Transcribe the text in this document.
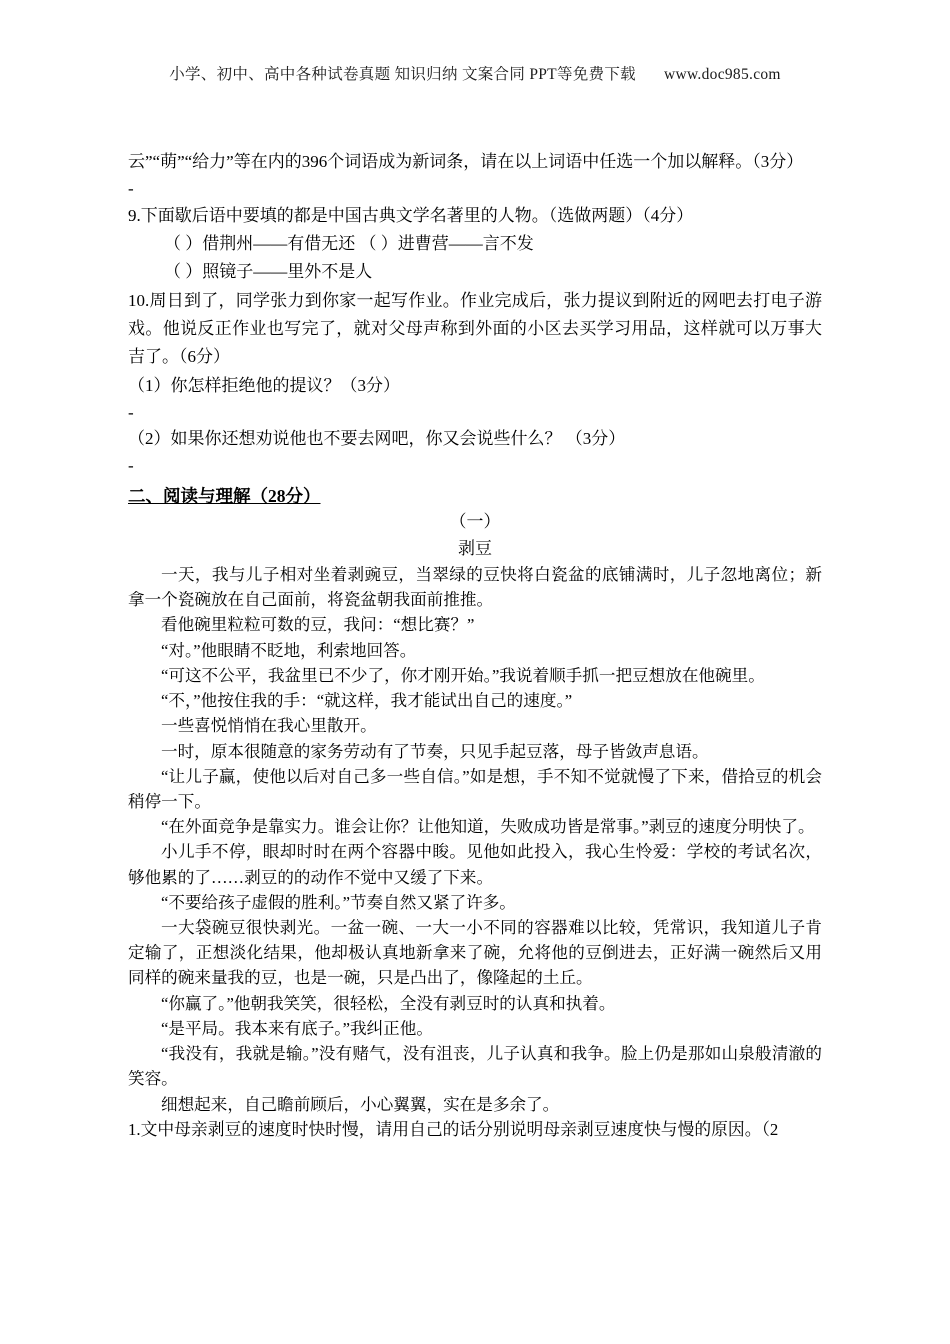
小学、初中、高中各种试卷真题 知识归纳 文案合同 PPT等免费下载 www.doc985.com

云”“萌”“给力”等在内的396个词语成为新词条，请在以上词语中任选一个加以解释。（3分）

-

9.下面歇后语中要填的都是中国古典文学名著里的人物。（选做两题）（4分）

（ ）借荆州——有借无还 （ ）进曹营——言不发
（ ）照镜子——里外不是人

10.周日到了，同学张力到你家一起写作业。作业完成后，张力提议到附近的网吧去打电子游戏。他说反正作业也写完了，就对父母声称到外面的小区去买学习用品，这样就可以万事大吉了。（6分）

（1）你怎样拒绝他的提议？（3分）

-

（2）如果你还想劝说他也不要去网吧，你又会说些什么？ （3分）

-
二、阅读与理解（28分）
（一）
剥豆

一天，我与儿子相对坐着剥豌豆，当翠绿的豆快将白瓷盆的底铺满时，儿子忽地离位；新拿一个瓷碗放在自己面前，将瓷盆朝我面前推推。

看他碗里粒粒可数的豆，我问：“想比赛？”

“对。”他眼睛不眨地，利索地回答。

“可这不公平，我盆里已不少了，你才刚开始。”我说着顺手抓一把豆想放在他碗里。

“不，”他按住我的手：“就这样，我才能试出自己的速度。”

一些喜悦悄悄在我心里散开。

一时，原本很随意的家务劳动有了节奏，只见手起豆落，母子皆敛声息语。

“让儿子赢，使他以后对自己多一些自信。”如是想，手不知不觉就慢了下来，借拾豆的机会稍停一下。

“在外面竞争是靠实力。谁会让你？让他知道，失败成功皆是常事。”剥豆的速度分明快了。

小儿手不停，眼却时时在两个容器中睃。见他如此投入，我心生怜爱：学校的考试名次，够他累的了……剥豆的的动作不觉中又缓了下来。

“不要给孩子虚假的胜利。”节奏自然又紧了许多。

一大袋碗豆很快剥光。一盆一碗、一大一小不同的容器难以比较，凭常识，我知道儿子肯定输了，正想淡化结果，他却极认真地新拿来了碗，允将他的豆倒进去，正好满一碗然后又用同样的碗来量我的豆，也是一碗，只是凸出了，像隆起的土丘。

“你赢了。”他朝我笑笑，很轻松，全没有剥豆时的认真和执着。

“是平局。我本来有底子。”我纠正他。

“我没有，我就是输。”没有赌气，没有沮丧，儿子认真和我争。脸上仍是那如山泉般清澈的笑容。

细想起来，自己瞻前顾后，小心翼翼，实在是多余了。

1.文中母亲剥豆的速度时快时慢，请用自己的话分别说明母亲剥豆速度快与慢的原因。（2
